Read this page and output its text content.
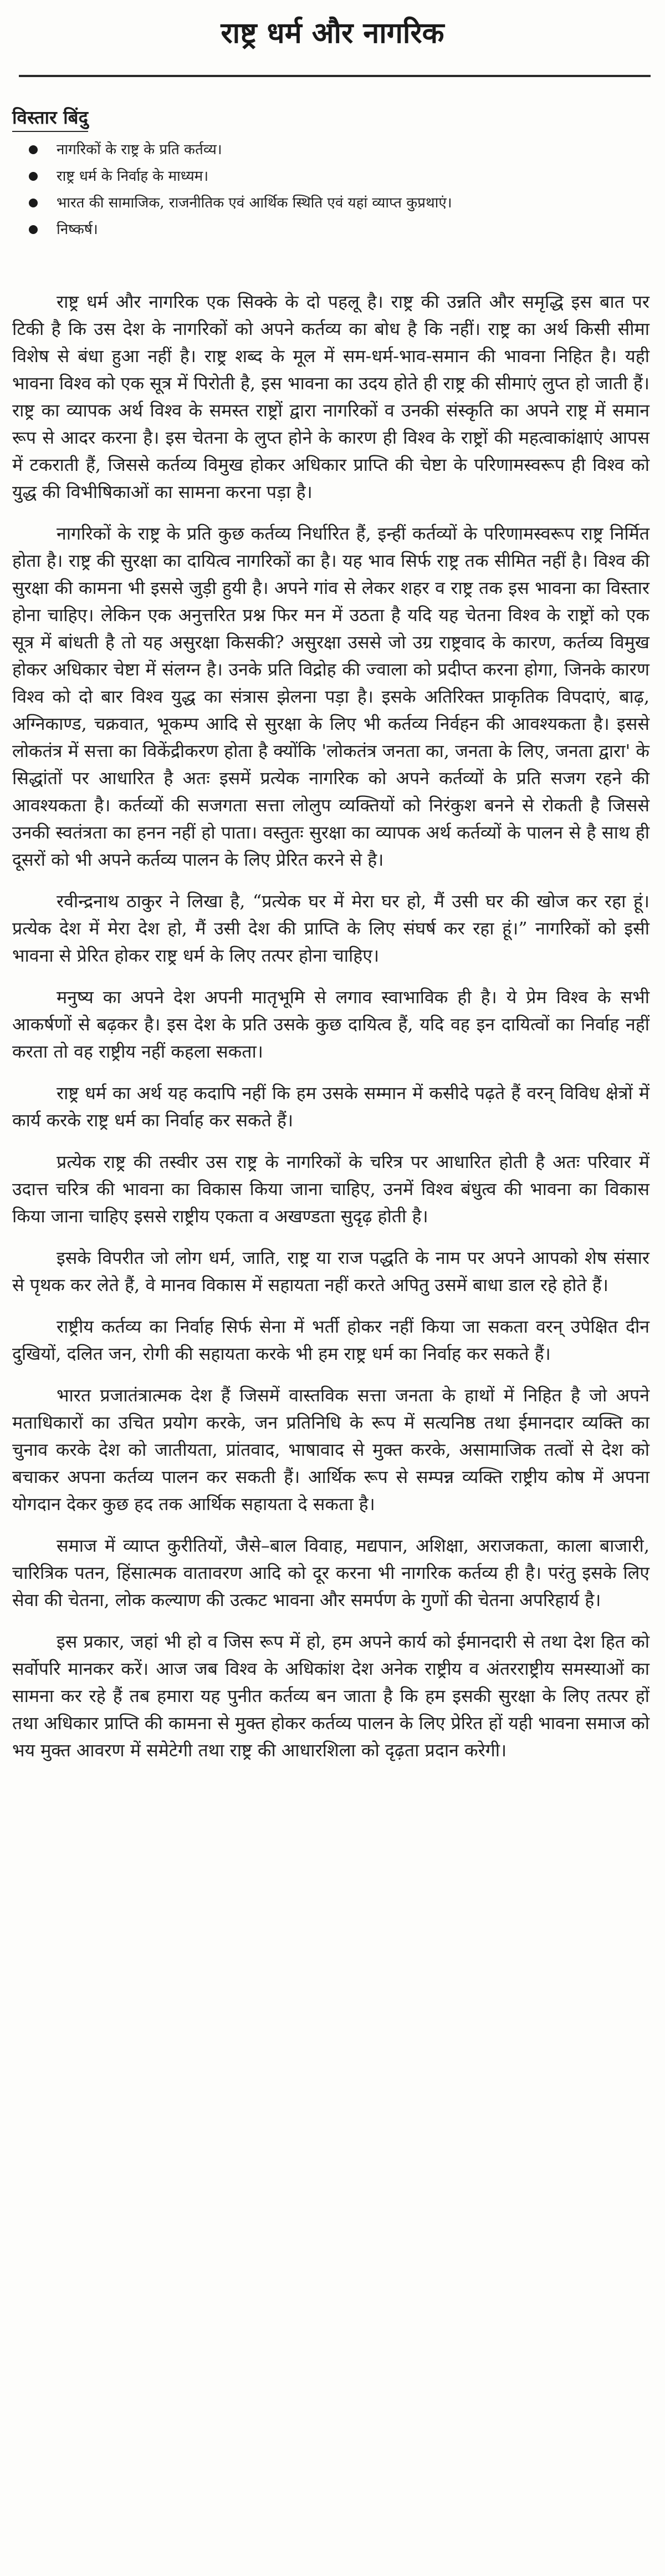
राष्ट्र धर्म और नागरिक
विस्तार बिंदु
नागरिकों के राष्ट्र के प्रति कर्तव्य।
राष्ट्र धर्म के निर्वाह के माध्यम।
भारत की सामाजिक, राजनीतिक एवं आर्थिक स्थिति एवं यहां व्याप्त कुप्रथाएं।
निष्कर्ष।

राष्ट्र धर्म और नागरिक एक सिक्के के दो पहलू है। राष्ट्र की उन्नति और समृद्धि इस बात पर टिकी है कि उस देश के नागरिकों को अपने कर्तव्य का बोध है कि नहीं। राष्ट्र का अर्थ किसी सीमा विशेष से बंधा हुआ नहीं है। राष्ट्र शब्द के मूल में सम-धर्म-भाव-समान की भावना निहित है। यही भावना विश्व को एक सूत्र में पिरोती है, इस भावना का उदय होते ही राष्ट्र की सीमाएं लुप्त हो जाती हैं। राष्ट्र का व्यापक अर्थ विश्व के समस्त राष्ट्रों द्वारा नागरिकों व उनकी संस्कृति का अपने राष्ट्र में समान रूप से आदर करना है। इस चेतना के लुप्त होने के कारण ही विश्व के राष्ट्रों की महत्वाकांक्षाएं आपस में टकराती हैं, जिससे कर्तव्य विमुख होकर अधिकार प्राप्ति की चेष्टा के परिणामस्वरूप ही विश्व को युद्ध की विभीषिकाओं का सामना करना पड़ा है।

नागरिकों के राष्ट्र के प्रति कुछ कर्तव्य निर्धारित हैं, इन्हीं कर्तव्यों के परिणामस्वरूप राष्ट्र निर्मित होता है। राष्ट्र की सुरक्षा का दायित्व नागरिकों का है। यह भाव सिर्फ राष्ट्र तक सीमित नहीं है। विश्व की सुरक्षा की कामना भी इससे जुड़ी हुयी है। अपने गांव से लेकर शहर व राष्ट्र तक इस भावना का विस्तार होना चाहिए। लेकिन एक अनुत्तरित प्रश्न फिर मन में उठता है यदि यह चेतना विश्व के राष्ट्रों को एक सूत्र में बांधती है तो यह असुरक्षा किसकी? असुरक्षा उससे जो उग्र राष्ट्रवाद के कारण, कर्तव्य विमुख होकर अधिकार चेष्टा में संलग्न है। उनके प्रति विद्रोह की ज्वाला को प्रदीप्त करना होगा, जिनके कारण विश्व को दो बार विश्व युद्ध का संत्रास झेलना पड़ा है। इसके अतिरिक्त प्राकृतिक विपदाएं, बाढ़, अग्निकाण्ड, चक्रवात, भूकम्प आदि से सुरक्षा के लिए भी कर्तव्य निर्वहन की आवश्यकता है। इससे लोकतंत्र में सत्ता का विकेंद्रीकरण होता है क्योंकि 'लोकतंत्र जनता का, जनता के लिए, जनता द्वारा' के सिद्धांतों पर आधारित है अतः इसमें प्रत्येक नागरिक को अपने कर्तव्यों के प्रति सजग रहने की आवश्यकता है। कर्तव्यों की सजगता सत्ता लोलुप व्यक्तियों को निरंकुश बनने से रोकती है जिससे उनकी स्वतंत्रता का हनन नहीं हो पाता। वस्तुतः सुरक्षा का व्यापक अर्थ कर्तव्यों के पालन से है साथ ही दूसरों को भी अपने कर्तव्य पालन के लिए प्रेरित करने से है।

रवीन्द्रनाथ ठाकुर ने लिखा है, “प्रत्येक घर में मेरा घर हो, मैं उसी घर की खोज कर रहा हूं। प्रत्येक देश में मेरा देश हो, मैं उसी देश की प्राप्ति के लिए संघर्ष कर रहा हूं।” नागरिकों को इसी भावना से प्रेरित होकर राष्ट्र धर्म के लिए तत्पर होना चाहिए।

मनुष्य का अपने देश अपनी मातृभूमि से लगाव स्वाभाविक ही है। ये प्रेम विश्व के सभी आकर्षणों से बढ़कर है। इस देश के प्रति उसके कुछ दायित्व हैं, यदि वह इन दायित्वों का निर्वाह नहीं करता तो वह राष्ट्रीय नहीं कहला सकता।

राष्ट्र धर्म का अर्थ यह कदापि नहीं कि हम उसके सम्मान में कसीदे पढ़ते हैं वरन् विविध क्षेत्रों में कार्य करके राष्ट्र धर्म का निर्वाह कर सकते हैं।

प्रत्येक राष्ट्र की तस्वीर उस राष्ट्र के नागरिकों के चरित्र पर आधारित होती है अतः परिवार में उदात्त चरित्र की भावना का विकास किया जाना चाहिए, उनमें विश्व बंधुत्व की भावना का विकास किया जाना चाहिए इससे राष्ट्रीय एकता व अखण्डता सुदृढ़ होती है।

इसके विपरीत जो लोग धर्म, जाति, राष्ट्र या राज पद्धति के नाम पर अपने आपको शेष संसार से पृथक कर लेते हैं, वे मानव विकास में सहायता नहीं करते अपितु उसमें बाधा डाल रहे होते हैं।

राष्ट्रीय कर्तव्य का निर्वाह सिर्फ सेना में भर्ती होकर नहीं किया जा सकता वरन् उपेक्षित दीन दुखियों, दलित जन, रोगी की सहायता करके भी हम राष्ट्र धर्म का निर्वाह कर सकते हैं।

भारत प्रजातंत्रात्मक देश हैं जिसमें वास्तविक सत्ता जनता के हाथों में निहित है जो अपने मताधिकारों का उचित प्रयोग करके, जन प्रतिनिधि के रूप में सत्यनिष्ठ तथा ईमानदार व्यक्ति का चुनाव करके देश को जातीयता, प्रांतवाद, भाषावाद से मुक्त करके, असामाजिक तत्वों से देश को बचाकर अपना कर्तव्य पालन कर सकती हैं। आर्थिक रूप से सम्पन्न व्यक्ति राष्ट्रीय कोष में अपना योगदान देकर कुछ हद तक आर्थिक सहायता दे सकता है।

समाज में व्याप्त कुरीतियों, जैसे–बाल विवाह, मद्यपान, अशिक्षा, अराजकता, काला बाजारी, चारित्रिक पतन, हिंसात्मक वातावरण आदि को दूर करना भी नागरिक कर्तव्य ही है। परंतु इसके लिए सेवा की चेतना, लोक कल्याण की उत्कट भावना और समर्पण के गुणों की चेतना अपरिहार्य है।

इस प्रकार, जहां भी हो व जिस रूप में हो, हम अपने कार्य को ईमानदारी से तथा देश हित को सर्वोपरि मानकर करें। आज जब विश्व के अधिकांश देश अनेक राष्ट्रीय व अंतरराष्ट्रीय समस्याओं का सामना कर रहे हैं तब हमारा यह पुनीत कर्तव्य बन जाता है कि हम इसकी सुरक्षा के लिए तत्पर हों तथा अधिकार प्राप्ति की कामना से मुक्त होकर कर्तव्य पालन के लिए प्रेरित हों यही भावना समाज को भय मुक्त आवरण में समेटेगी तथा राष्ट्र की आधारशिला को दृढ़ता प्रदान करेगी।
